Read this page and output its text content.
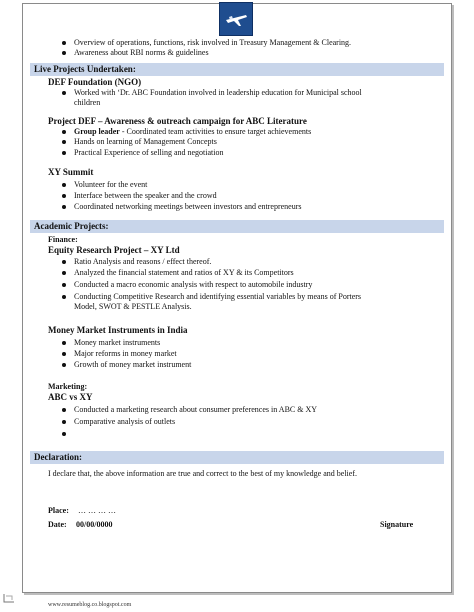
Overview of operations, functions, risk involved in Treasury Management & Clearing.
Awareness about RBI norms & guidelines
Live Projects Undertaken:
DEF Foundation (NGO)
Worked with ‘Dr. ABC Foundation involved in leadership education for Municipal school
children
Project DEF – Awareness & outreach campaign for ABC Literature
Group leader - Coordinated team activities to ensure target achievements
Hands on learning of Management Concepts
Practical Experience of selling and negotiation
XY Summit
Volunteer for the event
Interface between the speaker and the crowd
Coordinated networking meetings between investors and entrepreneurs
Academic Projects:
Finance:
Equity Research Project – XY Ltd
Ratio Analysis and reasons / effect thereof.
Analyzed the financial statement and ratios of XY & its Competitors
Conducted a macro economic analysis with respect to automobile industry
Conducting Competitive Research and identifying essential variables by means of Porters
Model, SWOT & PESTLE Analysis.
Money Market Instruments in India
Money market instruments
Major reforms in money market
Growth of money market instrument
Marketing:
ABC vs XY
Conducted a marketing research about consumer preferences in ABC & XY
Comparative analysis of outlets
Declaration:
I declare that, the above information are true and correct to the best of my knowledge and belief.
Place: … … … …
Date: 00/00/0000	Signature
www.resumeblog.co.blogspot.com
